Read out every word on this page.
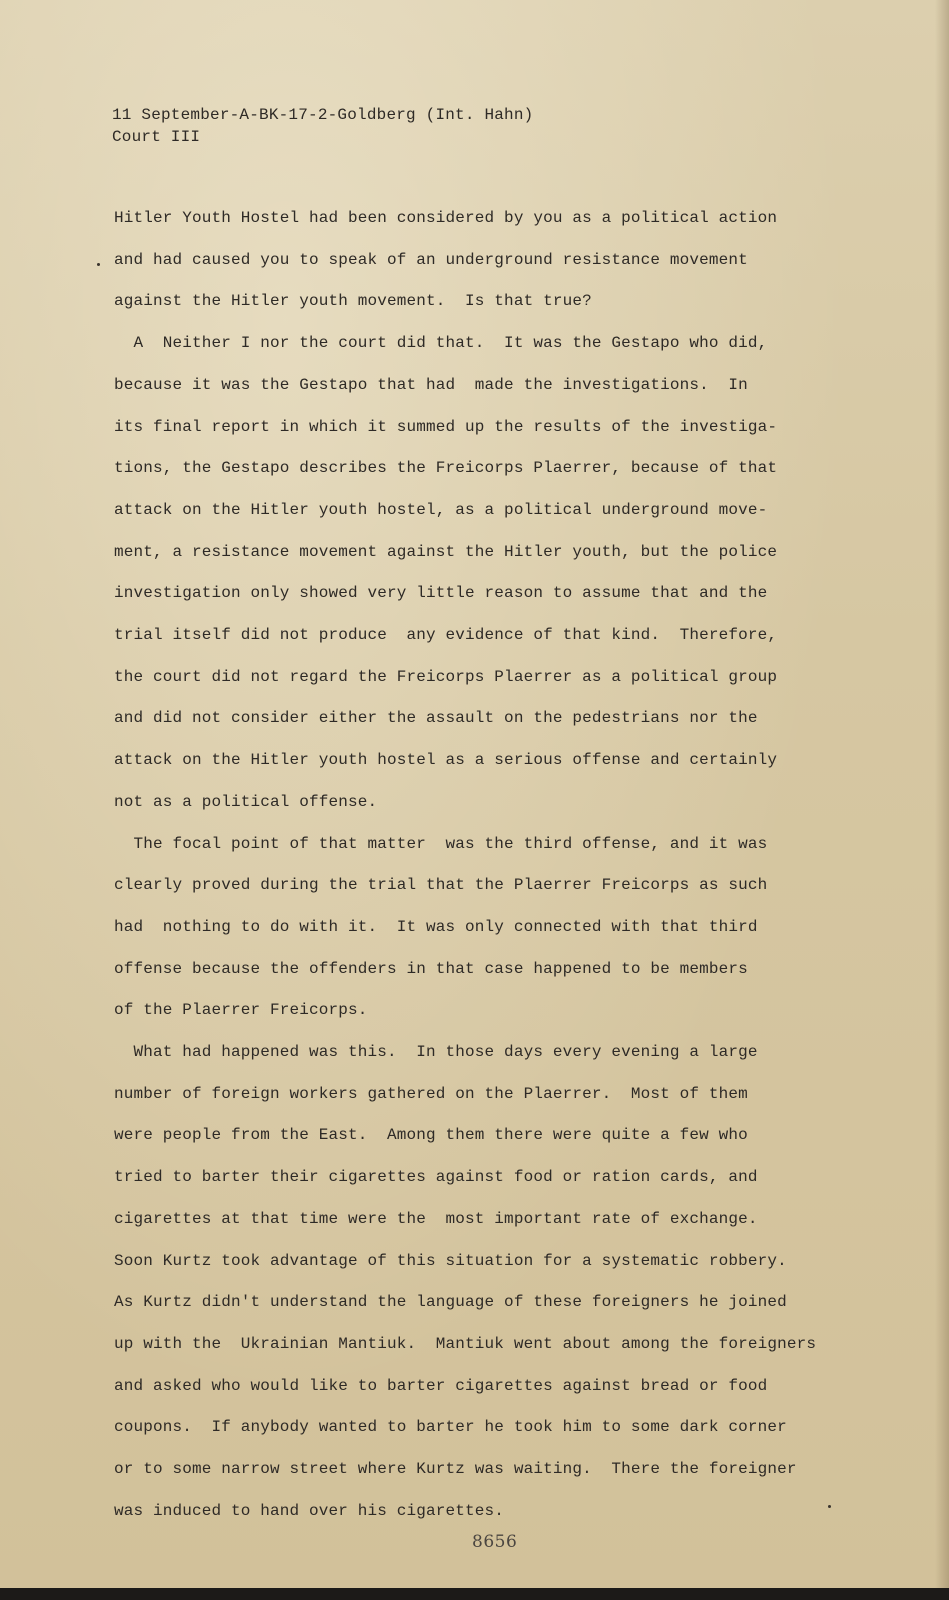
11 September-A-BK-17-2-Goldberg (Int. Hahn)
Court III
Hitler Youth Hostel had been considered by you as a political action
and had caused you to speak of an underground resistance movement
against the Hitler youth movement.  Is that true?
A  Neither I nor the court did that.  It was the Gestapo who did,
because it was the Gestapo that had  made the investigations.  In
its final report in which it summed up the results of the investiga-
tions, the Gestapo describes the Freicorps Plaerrer, because of that
attack on the Hitler youth hostel, as a political underground move-
ment, a resistance movement against the Hitler youth, but the police
investigation only showed very little reason to assume that and the
trial itself did not produce  any evidence of that kind.  Therefore,
the court did not regard the Freicorps Plaerrer as a political group
and did not consider either the assault on the pedestrians nor the
attack on the Hitler youth hostel as a serious offense and certainly
not as a political offense.
The focal point of that matter  was the third offense, and it was
clearly proved during the trial that the Plaerrer Freicorps as such
had  nothing to do with it.  It was only connected with that third
offense because the offenders in that case happened to be members
of the Plaerrer Freicorps.
What had happened was this.  In those days every evening a large
number of foreign workers gathered on the Plaerrer.  Most of them
were people from the East.  Among them there were quite a few who
tried to barter their cigarettes against food or ration cards, and
cigarettes at that time were the  most important rate of exchange.
Soon Kurtz took advantage of this situation for a systematic robbery.
As Kurtz didn't understand the language of these foreigners he joined
up with the  Ukrainian Mantiuk.  Mantiuk went about among the foreigners
and asked who would like to barter cigarettes against bread or food
coupons.  If anybody wanted to barter he took him to some dark corner
or to some narrow street where Kurtz was waiting.  There the foreigner
was induced to hand over his cigarettes.
8656
